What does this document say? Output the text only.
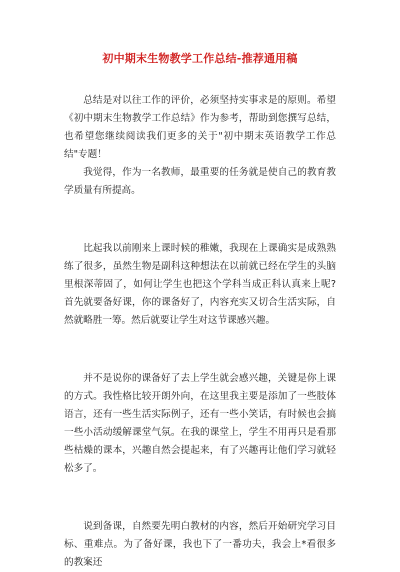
初中期末生物教学工作总结-推荐通用稿

总结是对以往工作的评价，必须坚持实事求是的原则。希望《初中期末生物教学工作总结》作为参考，帮助到您撰写总结，也希望您继续阅读我们更多的关于"初中期末英语教学工作总结"专题！

我觉得，作为一名教师，最重要的任务就是使自己的教育教学质量有所提高。

比起我以前刚来上课时候的稚嫩，我现在上课确实是成熟熟练了很多，虽然生物是副科这种想法在以前就已经在学生的头脑里根深蒂固了，如何让学生也把这个学科当成正科认真来上呢?首先就要备好课，你的课备好了，内容充实又切合生活实际，自然就略胜一筹。然后就要让学生对这节课感兴趣。

并不是说你的课备好了去上学生就会感兴趣，关键是你上课的方式。我性格比较开朗外向，在这里我主要是添加了一些肢体语言，还有一些生活实际例子，还有一些小笑话，有时候也会搞一些小活动缓解课堂气氛。在我的课堂上，学生不用再只是看那些枯燥的课本，兴趣自然会提起来，有了兴趣再让他们学习就轻松多了。

说到备课，自然要先明白教材的内容，然后开始研究学习目标、重难点。为了备好课，我也下了一番功夫，我会上*看很多的教案还
